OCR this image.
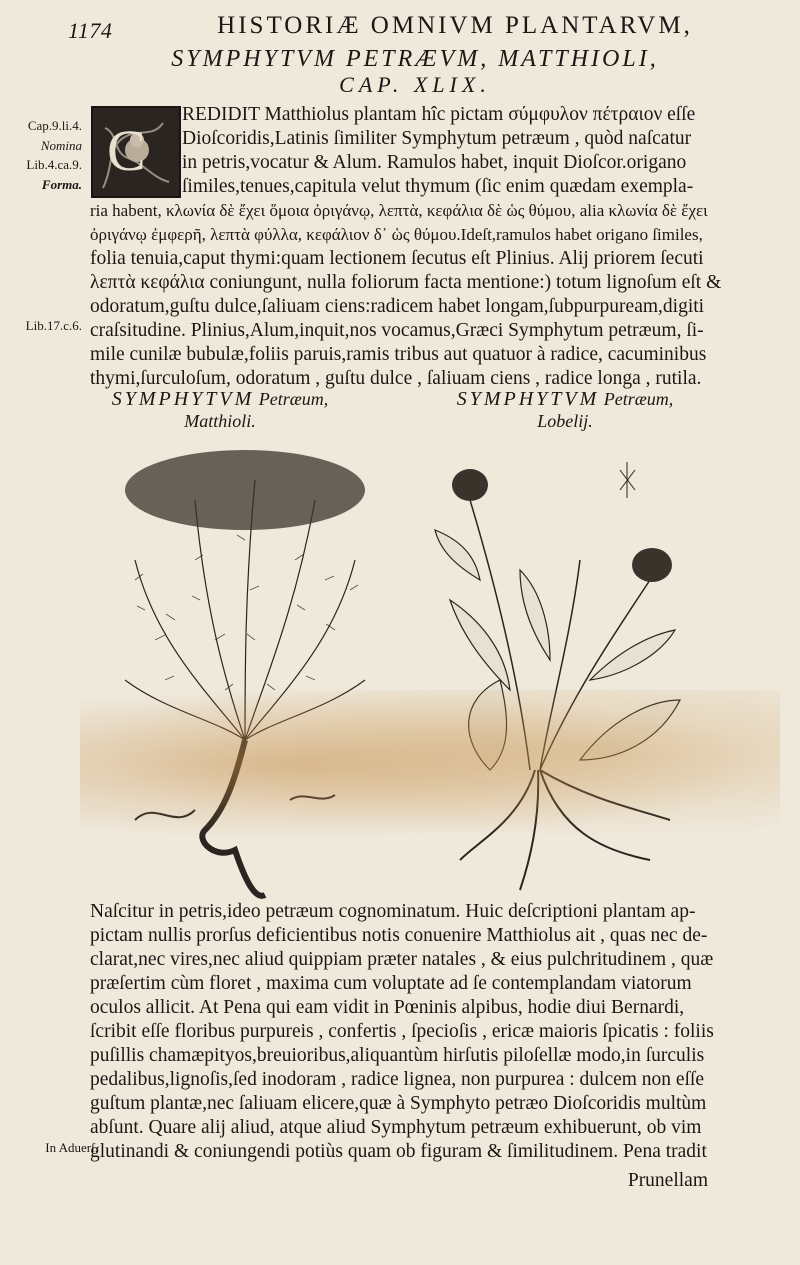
1174	HISTORIÆ OMNIVM PLANTARVM,
SYMPHYTVM PETRÆVM, MATTHIOLI,
CAP. XLIX.
Cap.9.li.4.
Nomina
Lib.4.ca.9.
Forma.
Lib.17.c.6.
In Aduerſ.
C
REDIDIT Matthiolus plantam hîc pictam σύμφυλον πέτραιον eſſe
Dioſcoridis,Latinis ſimiliter Symphytum petræum , quòd naſcatur
in petris,vocatur & Alum. Ramulos habet, inquit Dioſcor.origano
ſimiles,tenues,capitula velut thymum (ſic enim quædam exempla-
ria habent, κλωνία δὲ ἔχει ὅμοια ὀριγάνῳ, λεπτὰ, κεφάλια δὲ ὡς θύμου, alia κλωνία δὲ ἔχει
ὀριγάνῳ ἐμφερῆ, λεπτὰ φύλλα, κεφάλιον δ᾽ ὡς θύμου.Ideſt,ramulos habet origano ſimiles,
folia tenuia,caput thymi:quam lectionem ſecutus eſt Plinius. Alij priorem ſecuti
λεπτὰ κεφάλια coniungunt, nulla foliorum facta mentione:) totum lignoſum eſt &
odoratum,guſtu dulce,ſaliuam ciens:radicem habet longam,ſubpurpuream,digiti
craſsitudine. Plinius,Alum,inquit,nos vocamus,Græci Symphytum petræum, ſi-
mile cunilæ bubulæ,foliis paruis,ramis tribus aut quatuor à radice, cacuminibus
thymi,ſurculoſum, odoratum , guſtu dulce , ſaliuam ciens , radice longa , rutila.
SYMPHYTVM Petræum,
Matthioli.
SYMPHYTVM Petræum,
Lobelij.
Naſcitur in petris,ideo petræum cognominatum. Huic deſcriptioni plantam ap-
pictam nullis prorſus deficientibus notis conuenire Matthiolus ait , quas nec de-
clarat,nec vires,nec aliud quippiam præter natales , & eius pulchritudinem , quæ
præſertim cùm floret , maxima cum voluptate ad ſe contemplandam viatorum
oculos allicit. At Pena qui eam vidit in Pœninis alpibus, hodie diui Bernardi,
ſcribit eſſe floribus purpureis , confertis , ſpecioſis , ericæ maioris ſpicatis : foliis
puſillis chamæpityos,breuioribus,aliquantùm hirſutis piloſellæ modo,in ſurculis
pedalibus,lignoſis,ſed inodoram , radice lignea, non purpurea : dulcem non eſſe
guſtum plantæ,nec ſaliuam elicere,quæ à Symphyto petræo Dioſcoridis multùm
abſunt. Quare alij aliud, atque aliud Symphytum petræum exhibuerunt, ob vim
glutinandi & coniungendi potiùs quam ob figuram & ſimilitudinem. Pena tradit
Prunellam
